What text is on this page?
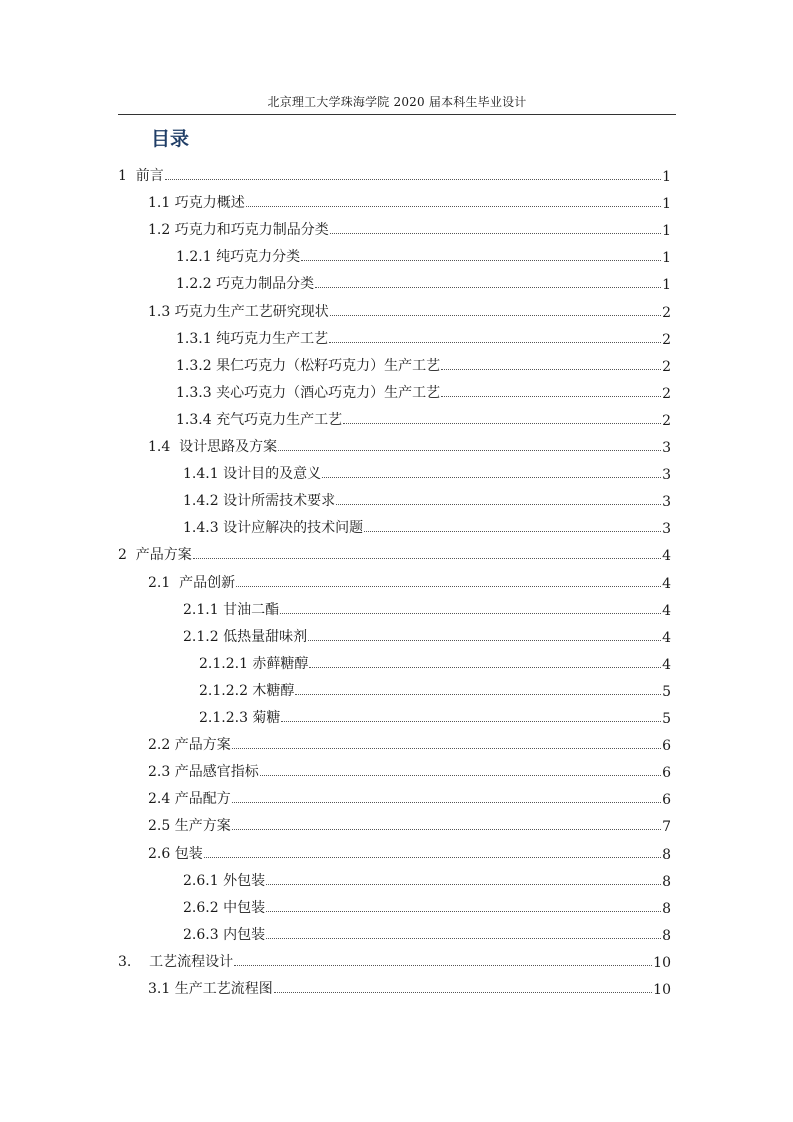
北京理工大学珠海学院 2020 届本科生毕业设计
目录
1  前言	1
1.1 巧克力概述	1
1.2 巧克力和巧克力制品分类	1
1.2.1 纯巧克力分类	1
1.2.2 巧克力制品分类	1
1.3 巧克力生产工艺研究现状	2
1.3.1 纯巧克力生产工艺	2
1.3.2 果仁巧克力（松籽巧克力）生产工艺	2
1.3.3 夹心巧克力（酒心巧克力）生产工艺	2
1.3.4 充气巧克力生产工艺	2
1.4  设计思路及方案	3
1.4.1 设计目的及意义	3
1.4.2 设计所需技术要求	3
1.4.3 设计应解决的技术问题	3
2  产品方案	4
2.1  产品创新	4
2.1.1 甘油二酯	4
2.1.2 低热量甜味剂	4
2.1.2.1 赤藓糖醇	4
2.1.2.2 木糖醇	5
2.1.2.3 菊糖	5
2.2 产品方案	6
2.3 产品感官指标	6
2.4 产品配方	6
2.5 生产方案	7
2.6 包装	8
2.6.1 外包装	8
2.6.2 中包装	8
2.6.3 内包装	8
3.    工艺流程设计	10
3.1 生产工艺流程图	10
